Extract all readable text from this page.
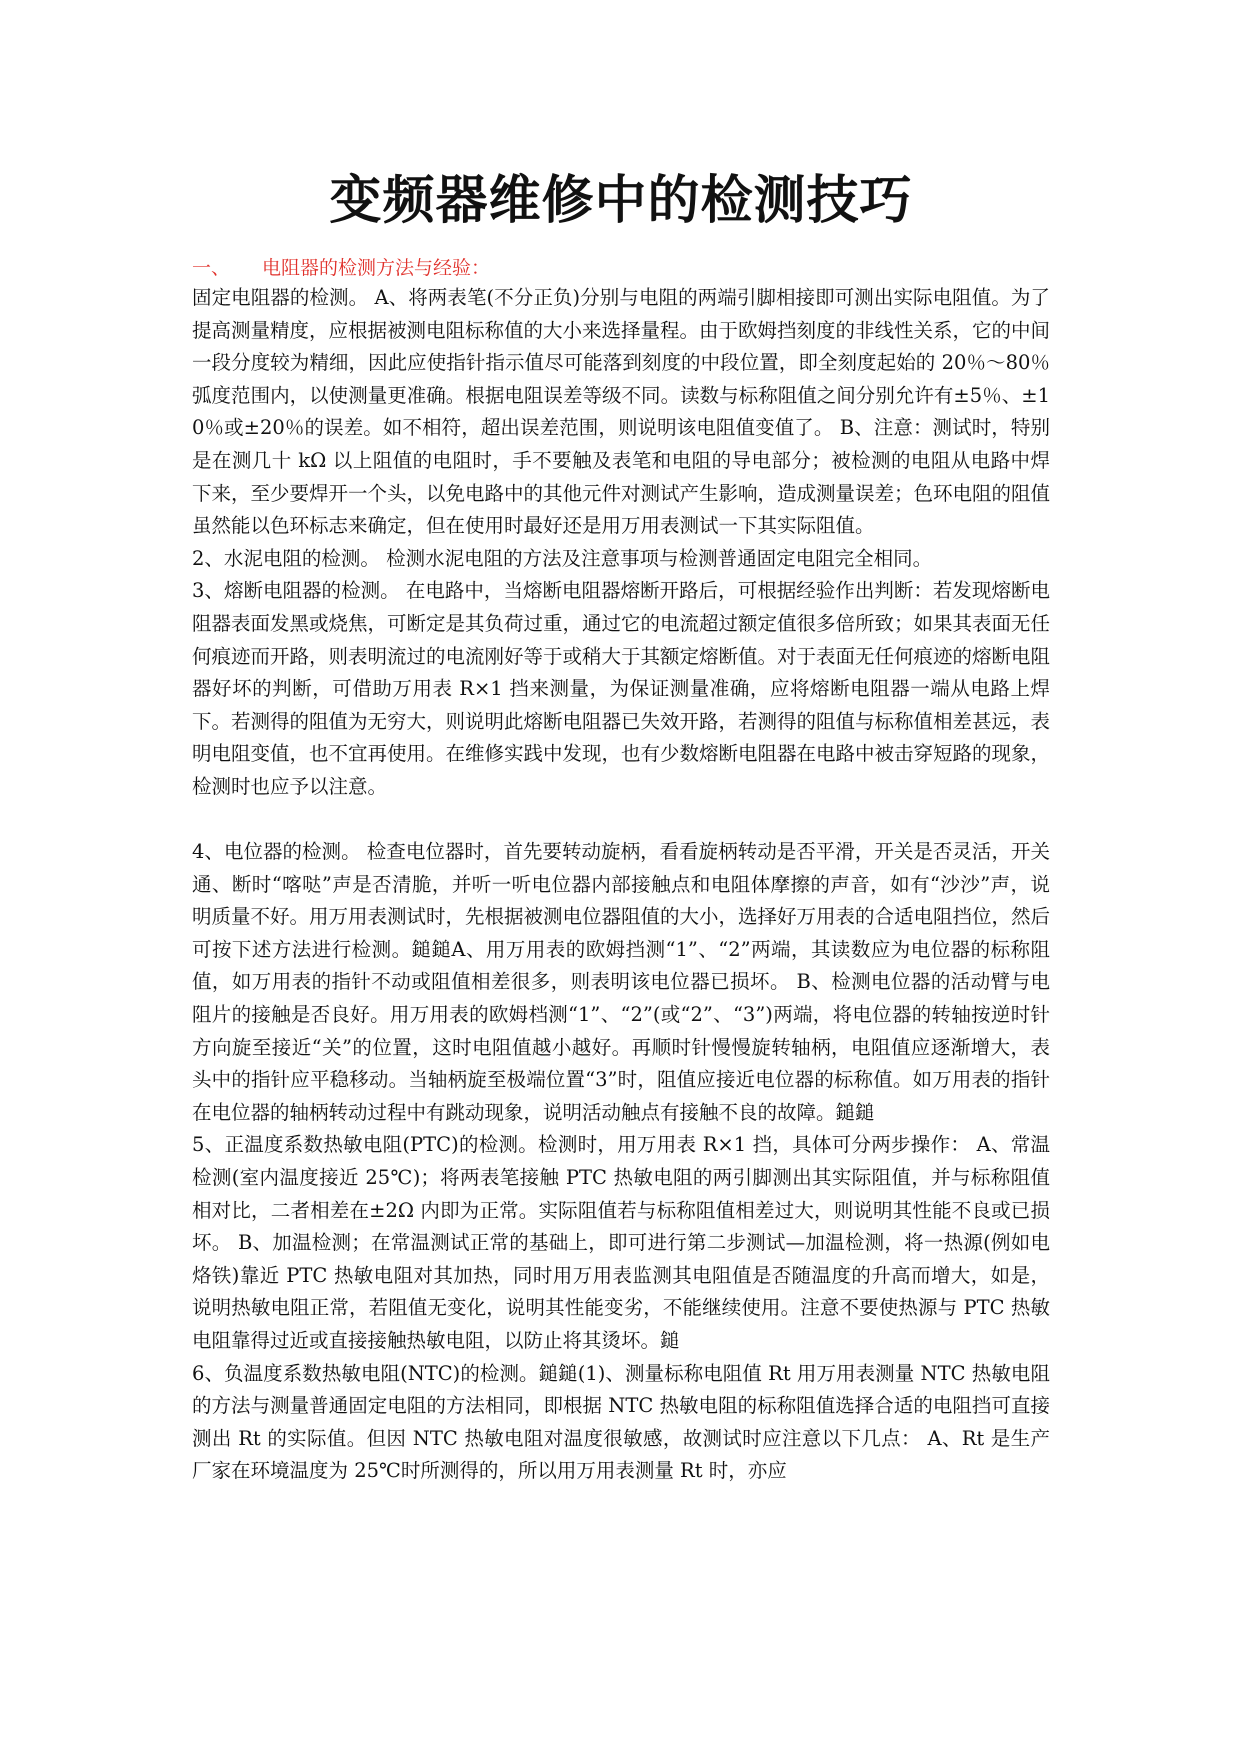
变频器维修中的检测技巧
一、 电阻器的检测方法与经验：

固定电阻器的检测。 A、将两表笔(不分正负)分别与电阻的两端引脚相接即可测出实际电阻值。为了提高测量精度，应根据被测电阻标称值的大小来选择量程。由于欧姆挡刻度的非线性关系，它的中间一段分度较为精细，因此应使指针指示值尽可能落到刻度的中段位置，即全刻度起始的 20％～80％弧度范围内，以使测量更准确。根据电阻误差等级不同。读数与标称阻值之间分别允许有±5％、±10％或±20％的误差。如不相符，超出误差范围，则说明该电阻值变值了。 B、注意：测试时，特别是在测几十 kΩ 以上阻值的电阻时，手不要触及表笔和电阻的导电部分；被检测的电阻从电路中焊下来，至少要焊开一个头，以免电路中的其他元件对测试产生影响，造成测量误差；色环电阻的阻值虽然能以色环标志来确定，但在使用时最好还是用万用表测试一下其实际阻值。

2、水泥电阻的检测。 检测水泥电阻的方法及注意事项与检测普通固定电阻完全相同。

3、熔断电阻器的检测。 在电路中，当熔断电阻器熔断开路后，可根据经验作出判断：若发现熔断电阻器表面发黑或烧焦，可断定是其负荷过重，通过它的电流超过额定值很多倍所致；如果其表面无任何痕迹而开路，则表明流过的电流刚好等于或稍大于其额定熔断值。对于表面无任何痕迹的熔断电阻器好坏的判断，可借助万用表 R×1 挡来测量，为保证测量准确，应将熔断电阻器一端从电路上焊下。若测得的阻值为无穷大，则说明此熔断电阻器已失效开路，若测得的阻值与标称值相差甚远，表明电阻变值，也不宜再使用。在维修实践中发现，也有少数熔断电阻器在电路中被击穿短路的现象，检测时也应予以注意。

4、电位器的检测。 检查电位器时，首先要转动旋柄，看看旋柄转动是否平滑，开关是否灵活，开关通、断时“喀哒”声是否清脆，并听一听电位器内部接触点和电阻体摩擦的声音，如有“沙沙”声，说明质量不好。用万用表测试时，先根据被测电位器阻值的大小，选择好万用表的合适电阻挡位，然后可按下述方法进行检测。鎚鎚A、用万用表的欧姆挡测“1”、“2”两端，其读数应为电位器的标称阻值，如万用表的指针不动或阻值相差很多，则表明该电位器已损坏。 B、检测电位器的活动臂与电阻片的接触是否良好。用万用表的欧姆档测“1”、“2”(或“2”、“3”)两端，将电位器的转轴按逆时针方向旋至接近“关”的位置，这时电阻值越小越好。再顺时针慢慢旋转轴柄，电阻值应逐渐增大，表头中的指针应平稳移动。当轴柄旋至极端位置“3”时，阻值应接近电位器的标称值。如万用表的指针在电位器的轴柄转动过程中有跳动现象，说明活动触点有接触不良的故障。鎚鎚

5、正温度系数热敏电阻(PTC)的检测。检测时，用万用表 R×1 挡，具体可分两步操作： A、常温检测(室内温度接近 25℃)；将两表笔接触 PTC 热敏电阻的两引脚测出其实际阻值，并与标称阻值相对比，二者相差在±2Ω 内即为正常。实际阻值若与标称阻值相差过大，则说明其性能不良或已损坏。 B、加温检测；在常温测试正常的基础上，即可进行第二步测试—加温检测，将一热源(例如电烙铁)靠近 PTC 热敏电阻对其加热，同时用万用表监测其电阻值是否随温度的升高而增大，如是，说明热敏电阻正常，若阻值无变化，说明其性能变劣，不能继续使用。注意不要使热源与 PTC 热敏电阻靠得过近或直接接触热敏电阻，以防止将其烫坏。鎚

6、负温度系数热敏电阻(NTC)的检测。鎚鎚(1)、测量标称电阻值 Rt 用万用表测量 NTC 热敏电阻的方法与测量普通固定电阻的方法相同，即根据 NTC 热敏电阻的标称阻值选择合适的电阻挡可直接测出 Rt 的实际值。但因 NTC 热敏电阻对温度很敏感，故测试时应注意以下几点： A、Rt 是生产厂家在环境温度为 25℃时所测得的，所以用万用表测量 Rt 时，亦应
